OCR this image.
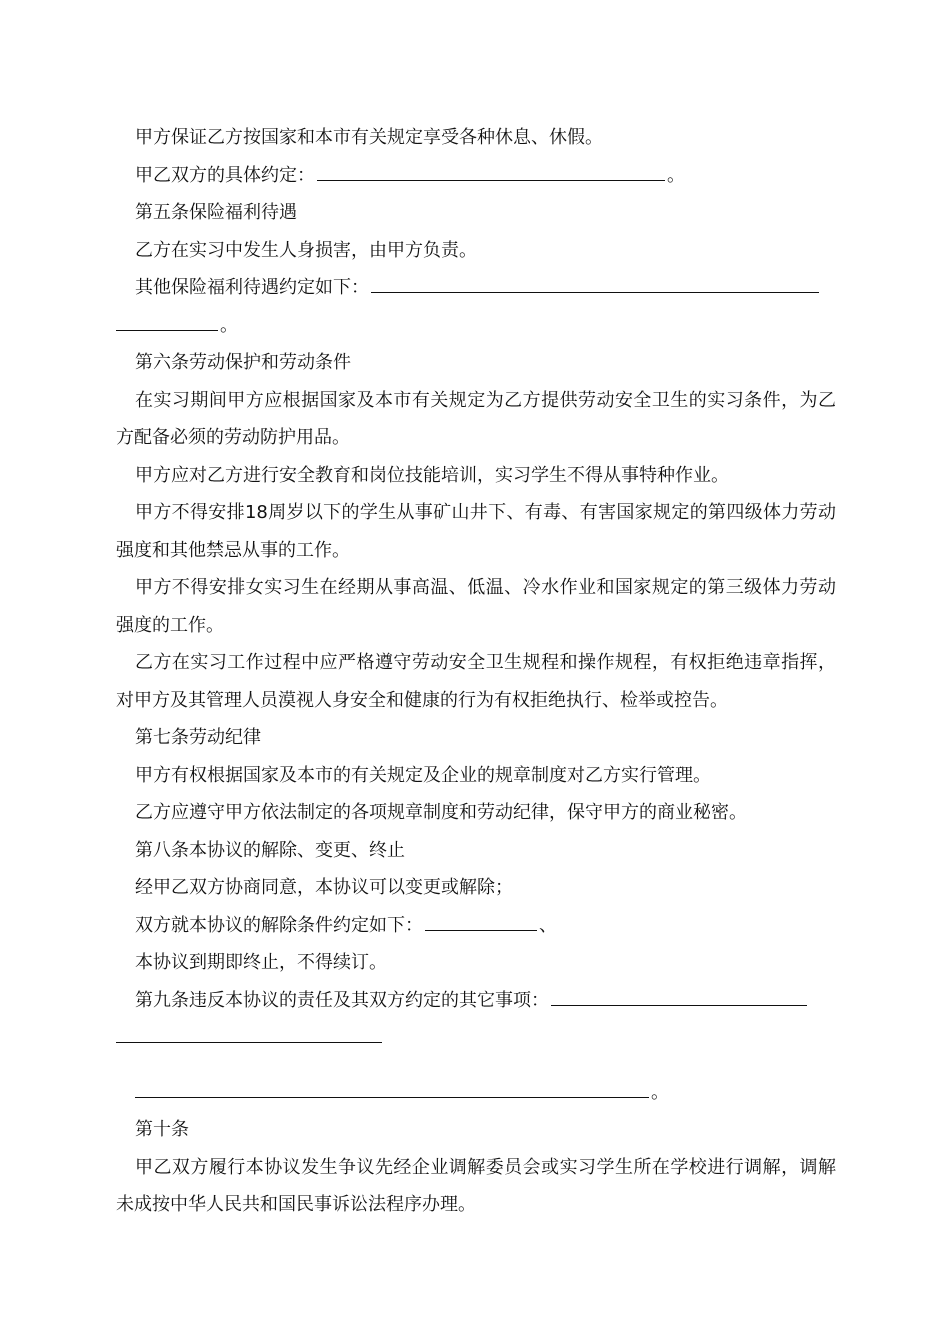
甲方保证乙方按国家和本市有关规定享受各种休息、休假。

甲乙双方的具体约定：	。

第五条保险福利待遇

乙方在实习中发生人身损害，由甲方负责。

其他保险福利待遇约定如下：

。

第六条劳动保护和劳动条件

在实习期间甲方应根据国家及本市有关规定为乙方提供劳动安全卫生的实习条件，为乙方配备必须的劳动防护用品。

甲方应对乙方进行安全教育和岗位技能培训，实习学生不得从事特种作业。

甲方不得安排18周岁以下的学生从事矿山井下、有毒、有害国家规定的第四级体力劳动强度和其他禁忌从事的工作。

甲方不得安排女实习生在经期从事高温、低温、冷水作业和国家规定的第三级体力劳动强度的工作。

乙方在实习工作过程中应严格遵守劳动安全卫生规程和操作规程，有权拒绝违章指挥，对甲方及其管理人员漠视人身安全和健康的行为有权拒绝执行、检举或控告。

第七条劳动纪律

甲方有权根据国家及本市的有关规定及企业的规章制度对乙方实行管理。

乙方应遵守甲方依法制定的各项规章制度和劳动纪律，保守甲方的商业秘密。

第八条本协议的解除、变更、终止

经甲乙双方协商同意，本协议可以变更或解除；

双方就本协议的解除条件约定如下：	、

本协议到期即终止，不得续订。

第九条违反本协议的责任及其双方约定的其它事项：

。

第十条

甲乙双方履行本协议发生争议先经企业调解委员会或实习学生所在学校进行调解，调解未成按中华人民共和国民事诉讼法程序办理。
